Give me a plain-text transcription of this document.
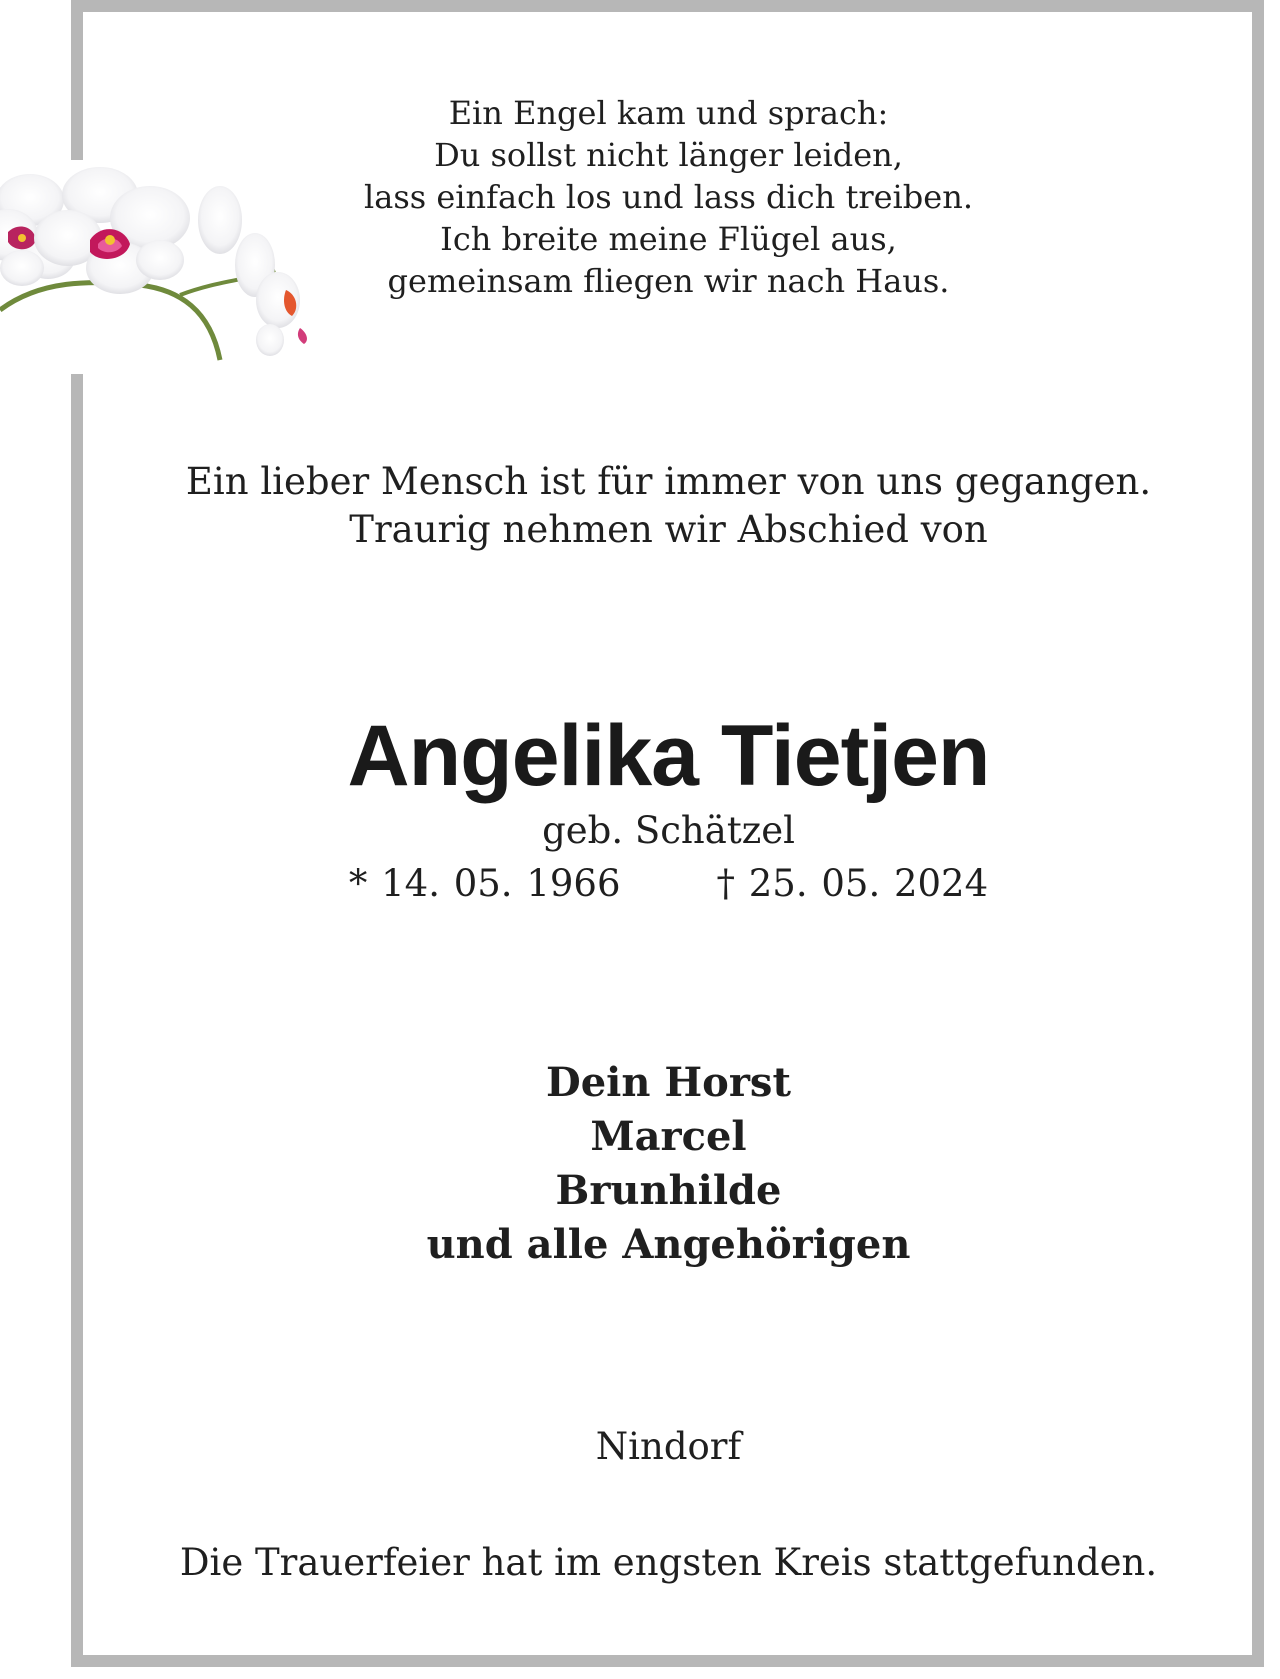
Ein Engel kam und sprach:
Du sollst nicht länger leiden,
lass einfach los und lass dich treiben.
Ich breite meine Flügel aus,
gemeinsam fliegen wir nach Haus.
Ein lieber Mensch ist für immer von uns gegangen.
Traurig nehmen wir Abschied von
Angelika Tietjen
geb. Schätzel
* 14. 05. 1966	† 25. 05. 2024
Dein Horst
Marcel
Brunhilde
und alle Angehörigen
Nindorf
Die Trauerfeier hat im engsten Kreis stattgefunden.
